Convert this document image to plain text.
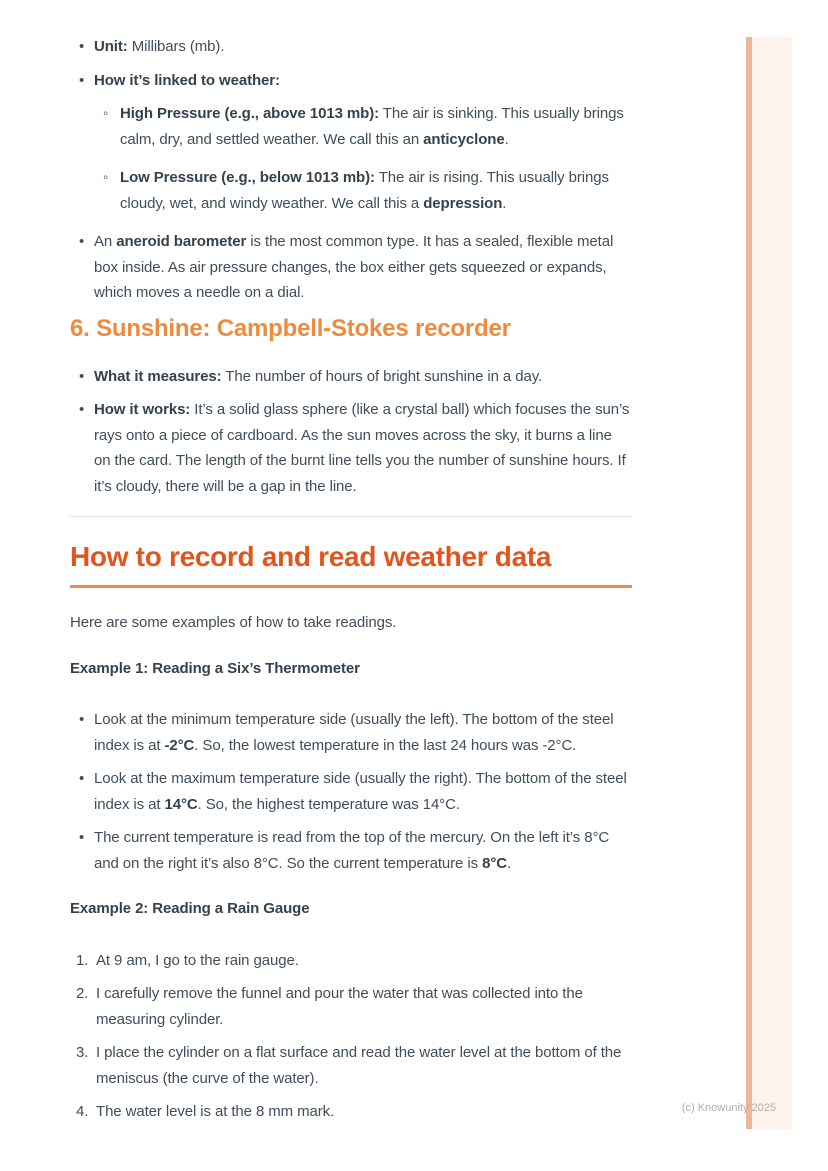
• Unit: Millibars (mb).
• How it’s linked to weather:
◦ High Pressure (e.g., above 1013 mb): The air is sinking. This usually brings calm, dry, and settled weather. We call this an anticyclone.
◦ Low Pressure (e.g., below 1013 mb): The air is rising. This usually brings cloudy, wet, and windy weather. We call this a depression.
• An aneroid barometer is the most common type. It has a sealed, flexible metal box inside. As air pressure changes, the box either gets squeezed or expands, which moves a needle on a dial.
6. Sunshine: Campbell-Stokes recorder
• What it measures: The number of hours of bright sunshine in a day.
• How it works: It’s a solid glass sphere (like a crystal ball) which focuses the sun’s rays onto a piece of cardboard. As the sun moves across the sky, it burns a line on the card. The length of the burnt line tells you the number of sunshine hours. If it’s cloudy, there will be a gap in the line.
How to record and read weather data

Here are some examples of how to take readings.

Example 1: Reading a Six’s Thermometer

• Look at the minimum temperature side (usually the left). The bottom of the steel index is at -2°C. So, the lowest temperature in the last 24 hours was -2°C.
• Look at the maximum temperature side (usually the right). The bottom of the steel index is at 14°C. So, the highest temperature was 14°C.
• The current temperature is read from the top of the mercury. On the left it’s 8°C and on the right it’s also 8°C. So the current temperature is 8°C.

Example 2: Reading a Rain Gauge

At 9 am, I go to the rain gauge.
I carefully remove the funnel and pour the water that was collected into the measuring cylinder.
I place the cylinder on a flat surface and read the water level at the bottom of the meniscus (the curve of the water).
The water level is at the 8 mm mark.	(c) Knowunity 2025
